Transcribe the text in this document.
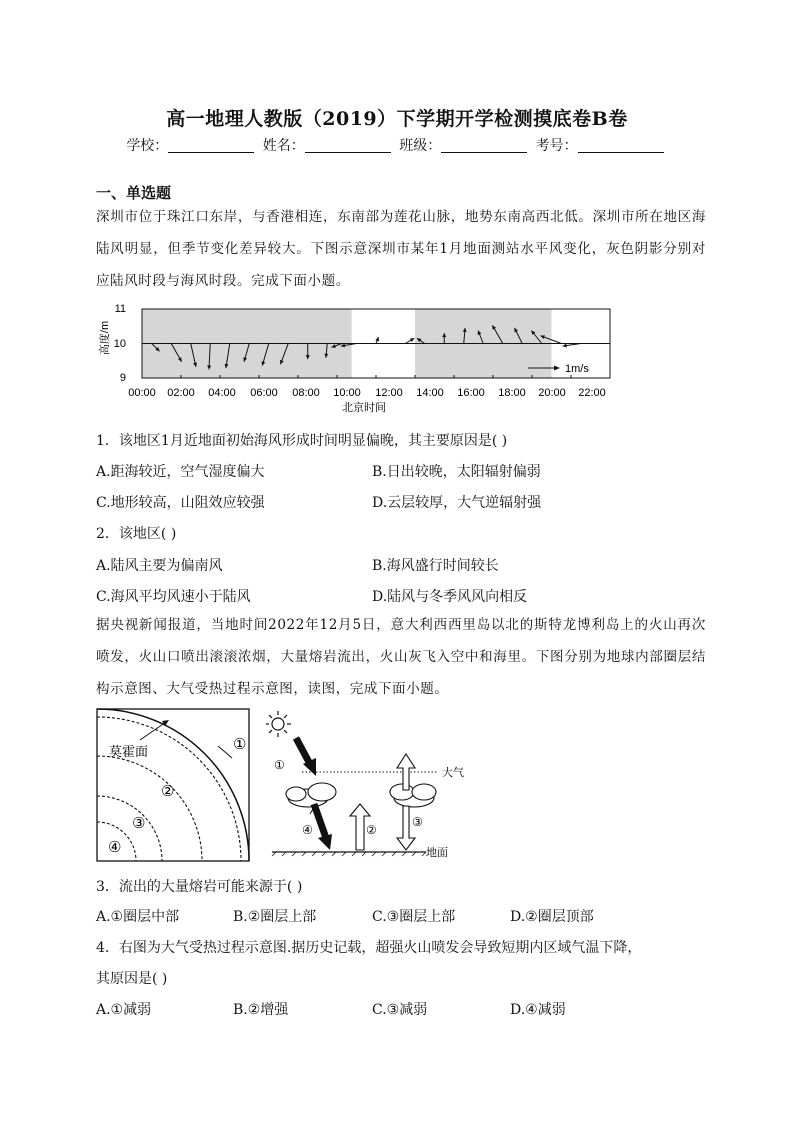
高一地理人教版（2019）下学期开学检测摸底卷B卷
学校：	姓名：	班级：	考号：
一、单选题
深圳市位于珠江口东岸，与香港相连，东南部为莲花山脉，地势东南高西北低。深圳市所在地区海陆风明显，但季节变化差异较大。下图示意深圳市某年1月地面测站水平风变化，灰色阴影分别对应陆风时段与海风时段。完成下面小题。
高度/m
11
10
9
00:00 02:00 04:00 06:00 08:00 10:00 12:00 14:00 16:00 18:00 20:00 22:00
北京时间
1m/s
1．该地区1月近地面初始海风形成时间明显偏晚，其主要原因是( )
A.距海较近，空气湿度偏大	B.日出较晚，太阳辐射偏弱
C.地形较高，山阻效应较强	D.云层较厚，大气逆辐射强
2．该地区( )
A.陆风主要为偏南风	B.海风盛行时间较长
C.海风平均风速小于陆风	D.陆风与冬季风风向相反
据央视新闻报道，当地时间2022年12月5日，意大利西西里岛以北的斯特龙博利岛上的火山再次喷发，火山口喷出滚滚浓烟，大量熔岩流出，火山灰飞入空中和海里。下图分别为地球内部圈层结构示意图、大气受热过程示意图，读图，完成下面小题。
莫霍面	①
②
③
④
①
大气
④	②
③
地面
3．流出的大量熔岩可能来源于( )
A.①圈层中部	B.②圈层上部	C.③圈层上部	D.②圈层顶部
4．右图为大气受热过程示意图.据历史记载，超强火山喷发会导致短期内区域气温下降，
其原因是( )
A.①减弱	B.②增强	C.③减弱	D.④减弱
